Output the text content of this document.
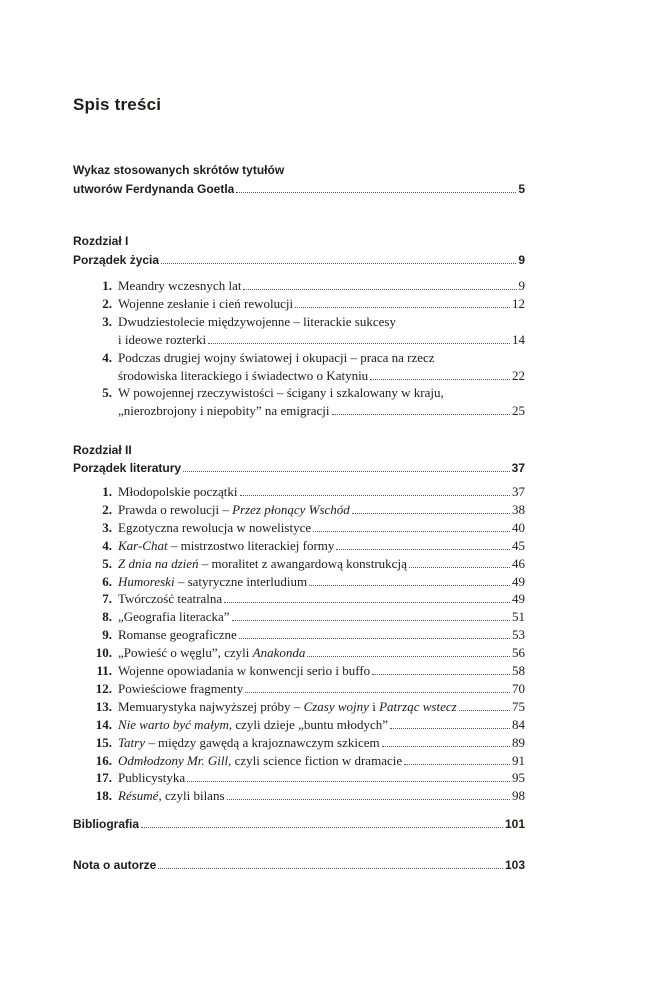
Spis treści
Wykaz stosowanych skrótów tytułów
utworów Ferdynanda Goetla	5
Rozdział I
Porządek życia	9
1. Meandry wczesnych lat	9
2. Wojenne zesłanie i cień rewolucji	12
3. Dwudziestolecie międzywojenne – literackie sukcesy
i ideowe rozterki	14
4. Podczas drugiej wojny światowej i okupacji – praca na rzecz
środowiska literackiego i świadectwo o Katyniu	22
5. W powojennej rzeczywistości – ścigany i szkalowany w kraju,
„nierozbrojony i niepobity” na emigracji	25
Rozdział II
Porządek literatury	37
1. Młodopolskie początki	37
2. Prawda o rewolucji – Przez płonący Wschód	38
3. Egzotyczna rewolucja w nowelistyce	40
4. Kar-Chat – mistrzostwo literackiej formy	45
5. Z dnia na dzień – moralitet z awangardową konstrukcją	46
6. Humoreski – satyryczne interludium	49
7. Twórczość teatralna	49
8. „Geografia literacka”	51
9. Romanse geograficzne	53
10. „Powieść o węglu”, czyli Anakonda	56
11. Wojenne opowiadania w konwencji serio i buffo	58
12. Powieściowe fragmenty	70
13. Memuarystyka najwyższej próby – Czasy wojny i Patrząc wstecz	75
14. Nie warto być małym, czyli dzieje „buntu młodych”	84
15. Tatry – między gawędą a krajoznawczym szkicem	89
16. Odmłodzony Mr. Gill, czyli science fiction w dramacie	91
17. Publicystyka	95
18. Résumé, czyli bilans	98
Bibliografia	101
Nota o autorze	103
